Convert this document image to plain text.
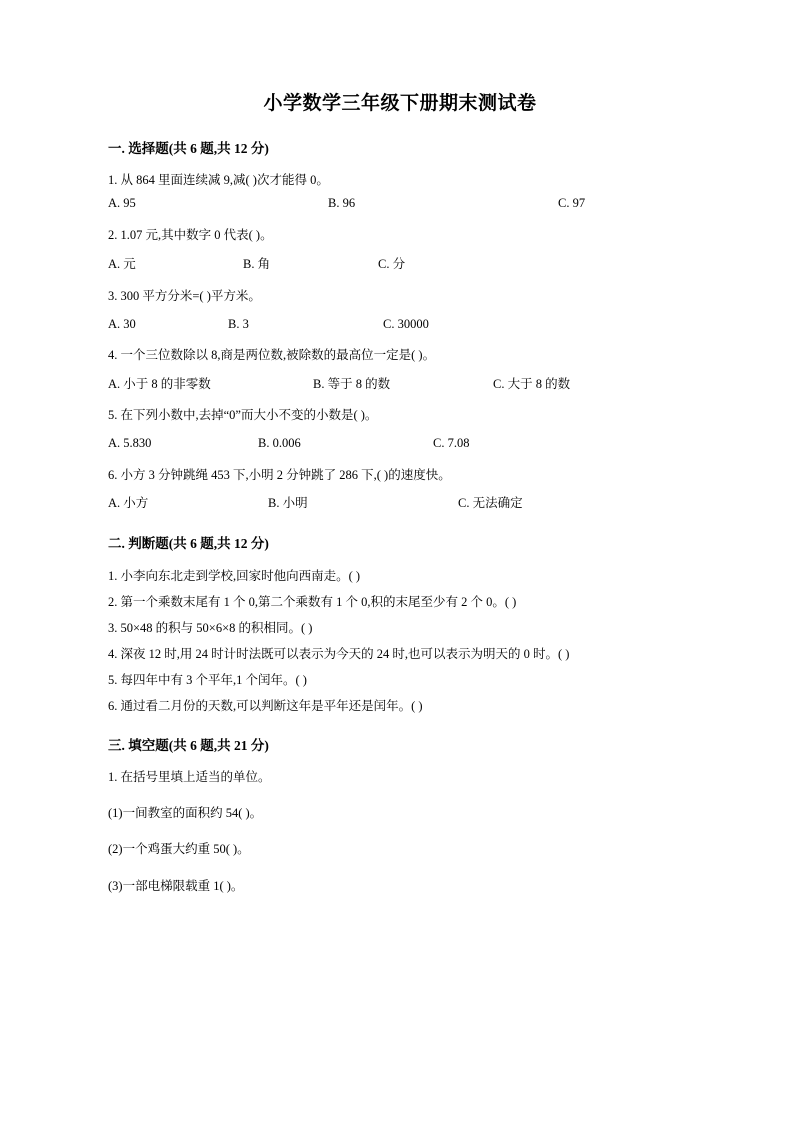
小学数学三年级下册期末测试卷
一. 选择题(共 6 题,共 12 分)
1. 从 864 里面连续减 9,减( )次才能得 0。
A. 95	B. 96	C. 97
2. 1.07 元,其中数字 0 代表( )。
A. 元	B. 角	C. 分
3. 300 平方分米=( )平方米。
A. 30	B. 3	C. 30000
4. 一个三位数除以 8,商是两位数,被除数的最高位一定是( )。
A. 小于 8 的非零数	B. 等于 8 的数	C. 大于 8 的数
5. 在下列小数中,去掉“0”而大小不变的小数是( )。
A. 5.830	B. 0.006	C. 7.08
6. 小方 3 分钟跳绳 453 下,小明 2 分钟跳了 286 下,( )的速度快。
A. 小方	B. 小明	C. 无法确定
二. 判断题(共 6 题,共 12 分)
1. 小李向东北走到学校,回家时他向西南走。( )
2. 第一个乘数末尾有 1 个 0,第二个乘数有 1 个 0,积的末尾至少有 2 个 0。( )
3. 50×48 的积与 50×6×8 的积相同。( )
4. 深夜 12 时,用 24 时计时法既可以表示为今天的 24 时,也可以表示为明天的 0 时。( )
5. 每四年中有 3 个平年,1 个闰年。( )
6. 通过看二月份的天数,可以判断这年是平年还是闰年。( )
三. 填空题(共 6 题,共 21 分)
1. 在括号里填上适当的单位。
(1)一间教室的面积约 54( )。
(2)一个鸡蛋大约重 50( )。
(3)一部电梯限载重 1( )。
